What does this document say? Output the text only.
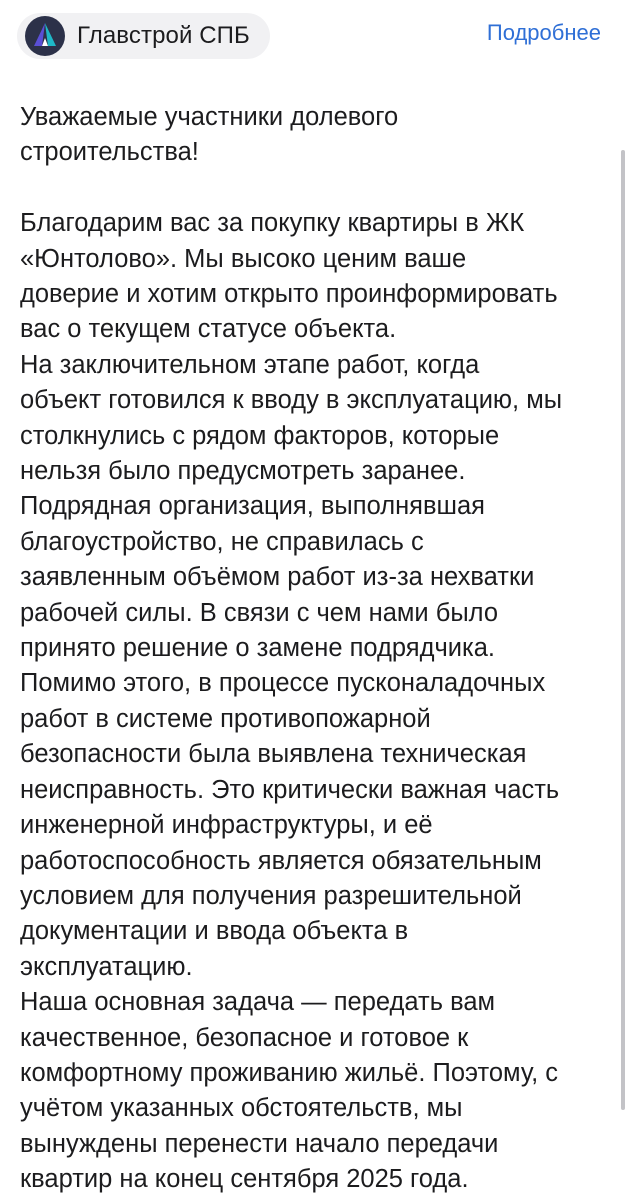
Главстрой СПБ	Подробнее

Уважаемые участники долевого
строительства!

Благодарим вас за покупку квартиры в ЖК
«Юнтолово». Мы высоко ценим ваше
доверие и хотим открыто проинформировать
вас о текущем статусе объекта.

На заключительном этапе работ, когда
объект готовился к вводу в эксплуатацию, мы
столкнулись с рядом факторов, которые
нельзя было предусмотреть заранее.

Подрядная организация, выполнявшая
благоустройство, не справилась с
заявленным объёмом работ из-за нехватки
рабочей силы. В связи с чем нами было
принято решение о замене подрядчика.

Помимо этого, в процессе пусконаладочных
работ в системе противопожарной
безопасности была выявлена техническая
неисправность. Это критически важная часть
инженерной инфраструктуры, и её
работоспособность является обязательным
условием для получения разрешительной
документации и ввода объекта в
эксплуатацию.

Наша основная задача — передать вам
качественное, безопасное и готовое к
комфортному проживанию жильё. Поэтому, с
учётом указанных обстоятельств, мы
вынуждены перенести начало передачи
квартир на конец сентября 2025 года.
